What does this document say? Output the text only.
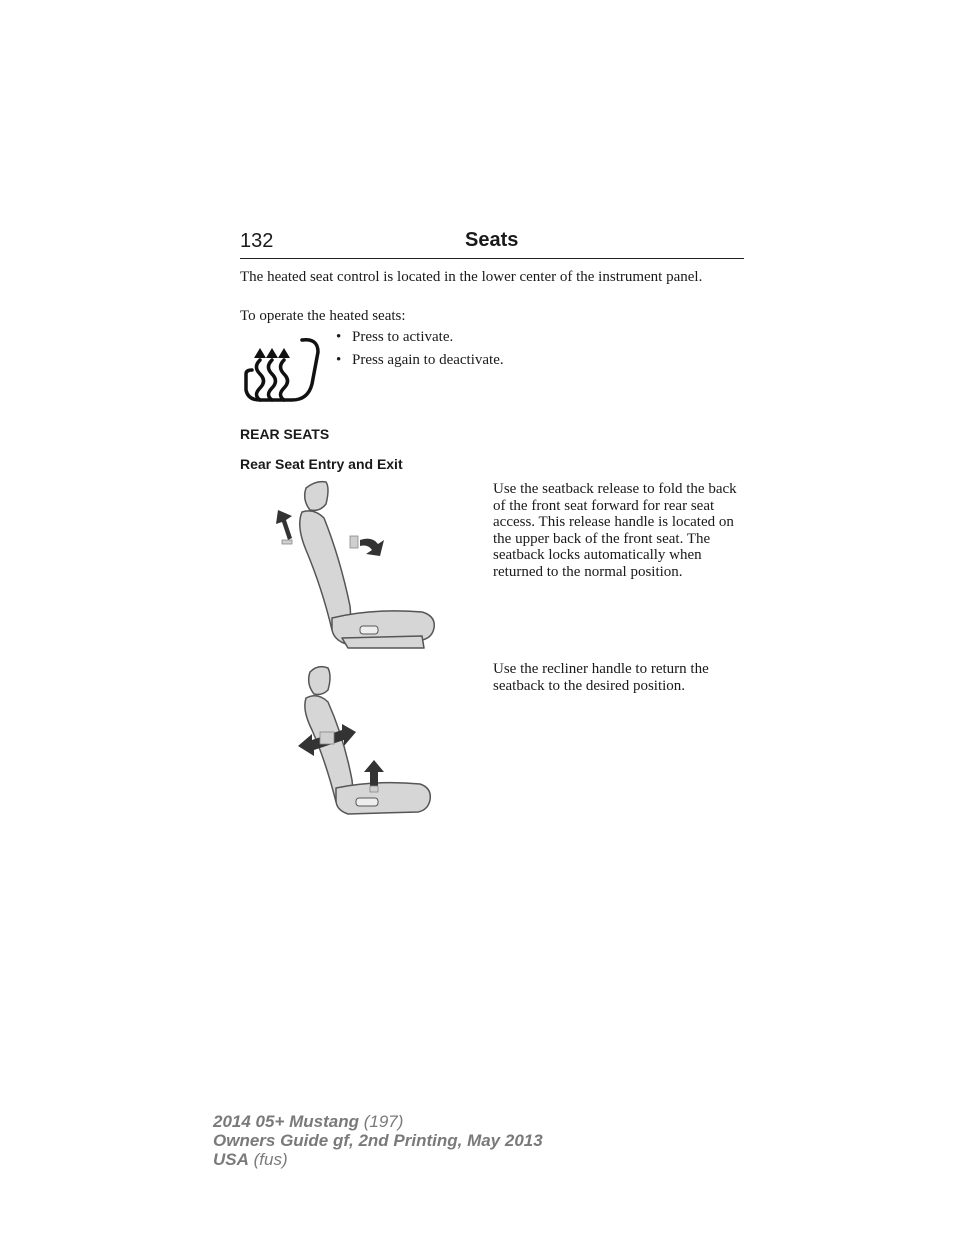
132	Seats

The heated seat control is located in the lower center of the instrument panel.

To operate the heated seats:

• Press to activate.
• Press again to deactivate.
REAR SEATS
Rear Seat Entry and Exit

Use the seatback release to fold the back of the front seat forward for rear seat access. This release handle is located on the upper back of the front seat. The seatback locks automatically when returned to the normal position.

Use the recliner handle to return the seatback to the desired position.

2014 05+ Mustang (197)
Owners Guide gf, 2nd Printing, May 2013
USA (fus)
